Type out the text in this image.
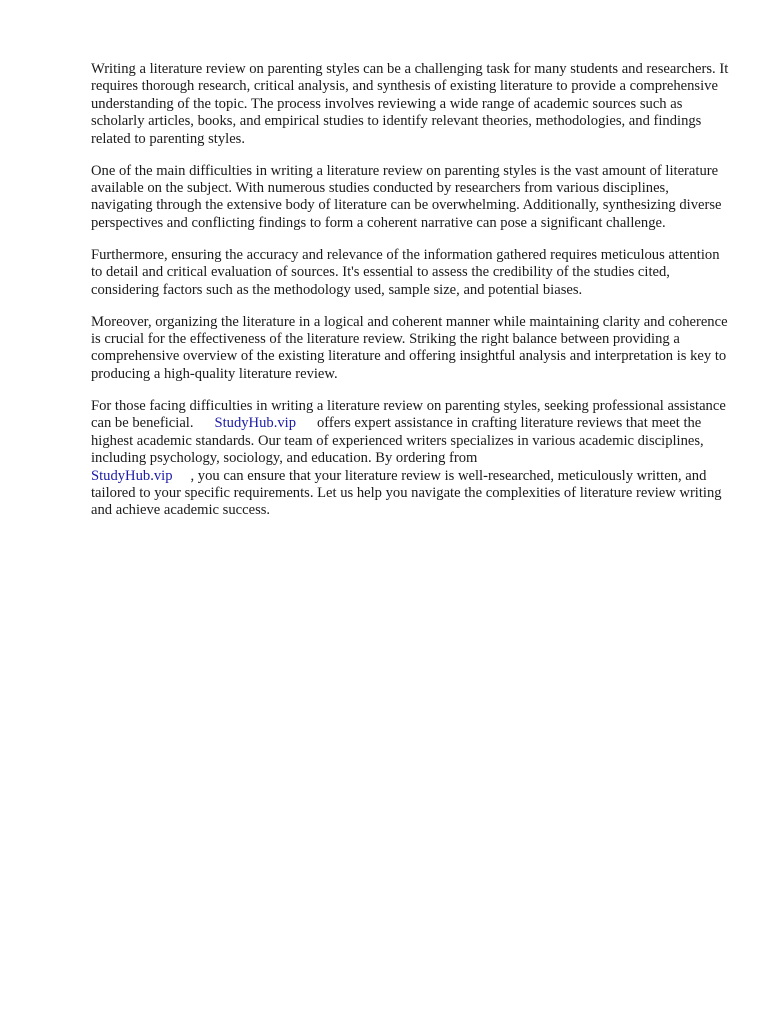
Writing a literature review on parenting styles can be a challenging task for many students and researchers. It requires thorough research, critical analysis, and synthesis of existing literature to provide a comprehensive understanding of the topic. The process involves reviewing a wide range of academic sources such as scholarly articles, books, and empirical studies to identify relevant theories, methodologies, and findings related to parenting styles.

One of the main difficulties in writing a literature review on parenting styles is the vast amount of literature available on the subject. With numerous studies conducted by researchers from various disciplines, navigating through the extensive body of literature can be overwhelming. Additionally, synthesizing diverse perspectives and conflicting findings to form a coherent narrative can pose a significant challenge.

Furthermore, ensuring the accuracy and relevance of the information gathered requires meticulous attention to detail and critical evaluation of sources. It's essential to assess the credibility of the studies cited, considering factors such as the methodology used, sample size, and potential biases.

Moreover, organizing the literature in a logical and coherent manner while maintaining clarity and coherence is crucial for the effectiveness of the literature review. Striking the right balance between providing a comprehensive overview of the existing literature and offering insightful analysis and interpretation is key to producing a high-quality literature review.

For those facing difficulties in writing a literature review on parenting styles, seeking professional assistance can be beneficial. StudyHub.vip offers expert assistance in crafting literature reviews that meet the highest academic standards. Our team of experienced writers specializes in various academic disciplines, including psychology, sociology, and education. By ordering from
StudyHub.vip , you can ensure that your literature review is well-researched, meticulously written, and tailored to your specific requirements. Let us help you navigate the complexities of literature review writing and achieve academic success.
